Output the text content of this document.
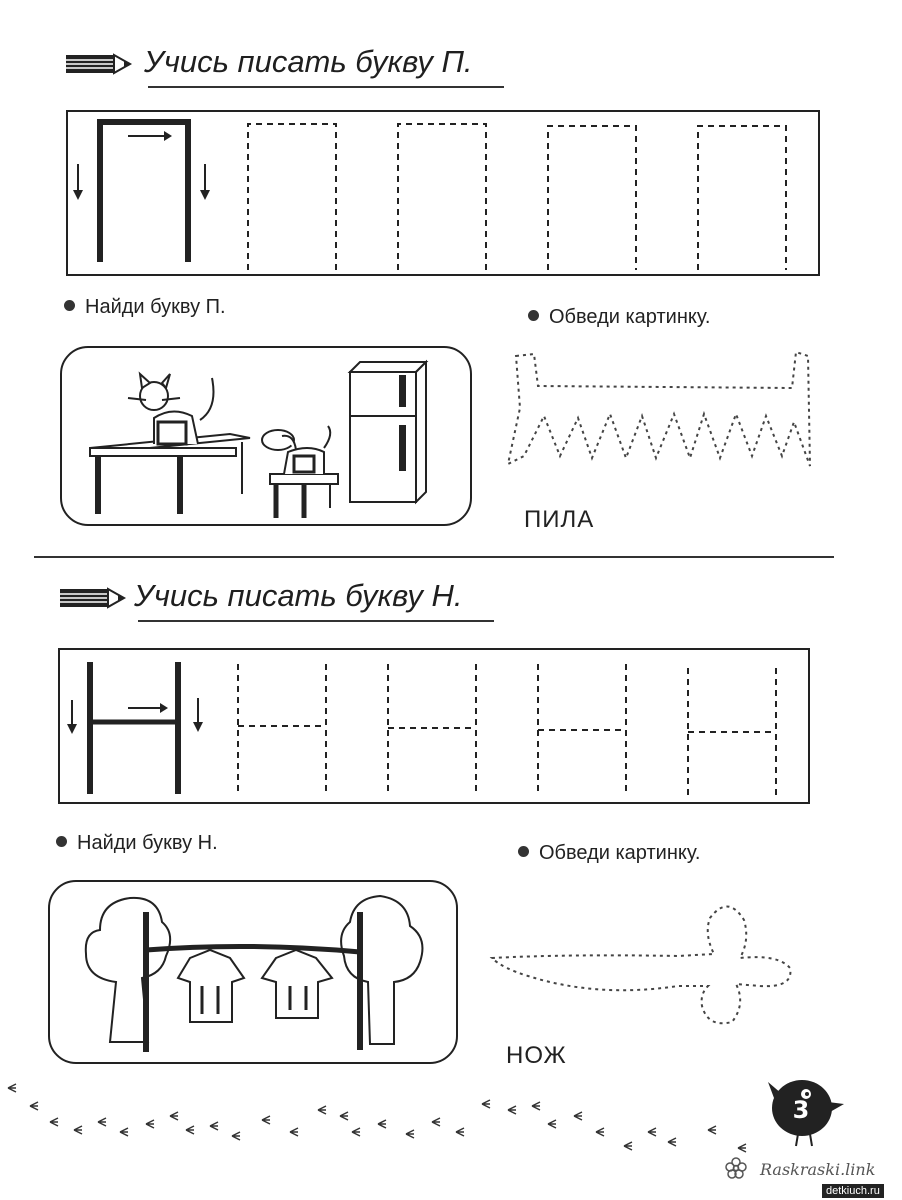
Учись писать букву П.
Найди букву П.	Обведи картинку.
ПИЛА
Учись писать букву Н.
Найди букву Н.	Обведи картинку.
НОЖ
3
Raskraski.link
detkiuch.ru
